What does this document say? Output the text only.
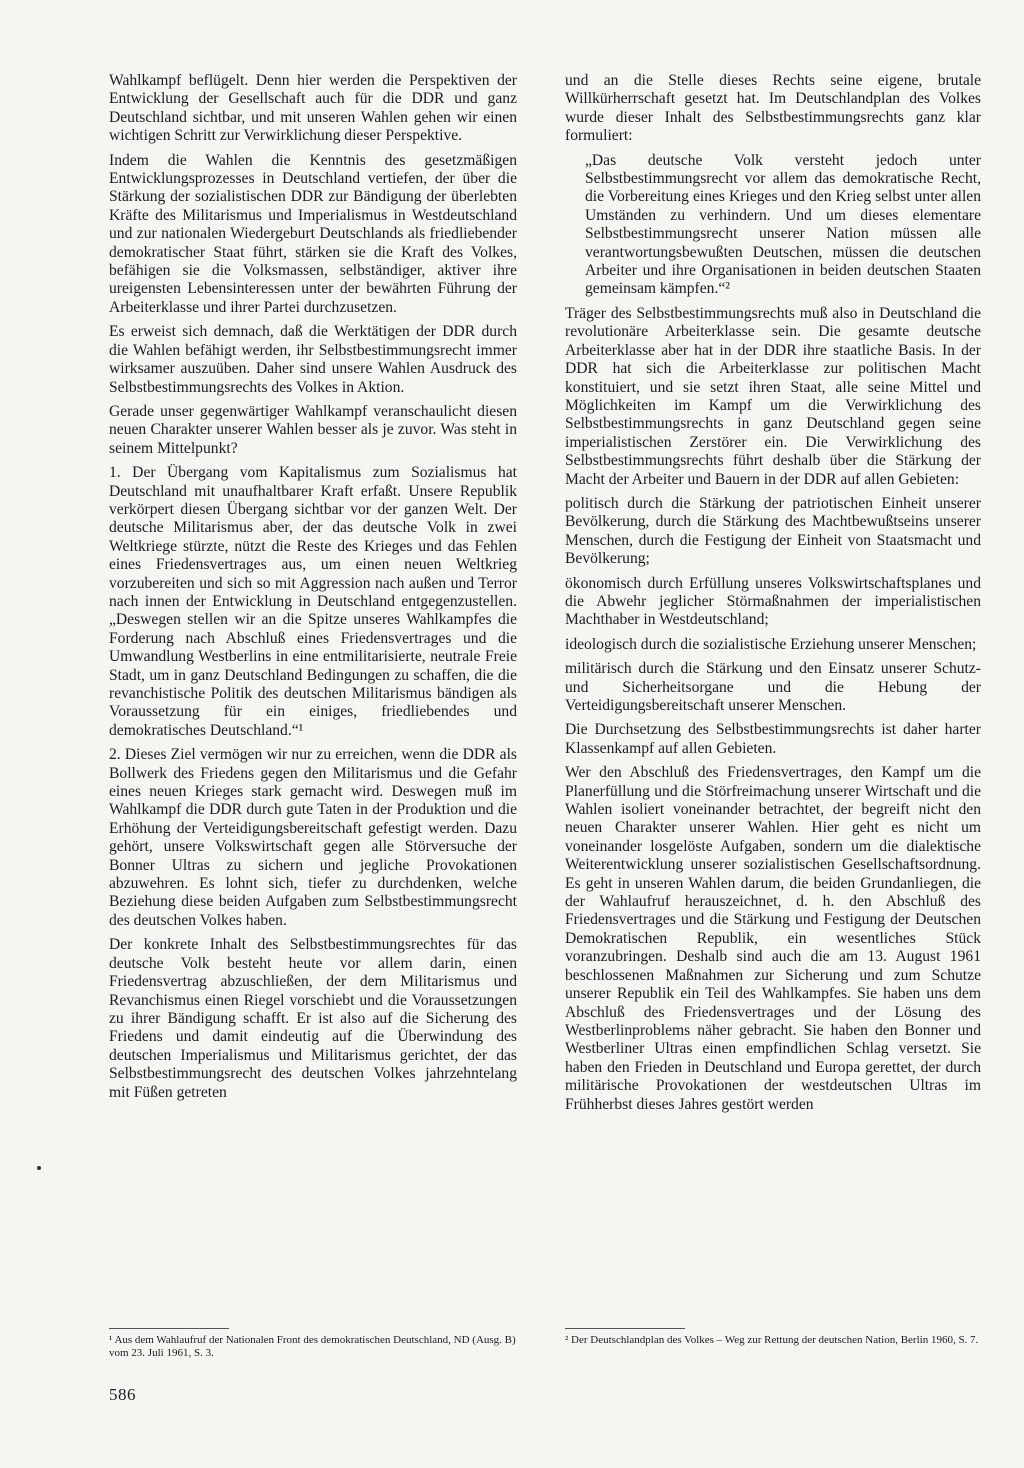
Wahlkampf beflügelt. Denn hier werden die Perspektiven der Entwicklung der Gesellschaft auch für die DDR und ganz Deutschland sichtbar, und mit unseren Wahlen gehen wir einen wichtigen Schritt zur Verwirklichung dieser Perspektive.

Indem die Wahlen die Kenntnis des gesetzmäßigen Entwicklungsprozesses in Deutschland vertiefen, der über die Stärkung der sozialistischen DDR zur Bändigung der überlebten Kräfte des Militarismus und Imperialismus in Westdeutschland und zur nationalen Wiedergeburt Deutschlands als friedliebender demokratischer Staat führt, stärken sie die Kraft des Volkes, befähigen sie die Volksmassen, selbständiger, aktiver ihre ureigensten Lebensinteressen unter der bewährten Führung der Arbeiterklasse und ihrer Partei durchzusetzen.

Es erweist sich demnach, daß die Werktätigen der DDR durch die Wahlen befähigt werden, ihr Selbstbestimmungsrecht immer wirksamer auszuüben. Daher sind unsere Wahlen Ausdruck des Selbstbestimmungsrechts des Volkes in Aktion.

Gerade unser gegenwärtiger Wahlkampf veranschaulicht diesen neuen Charakter unserer Wahlen besser als je zuvor. Was steht in seinem Mittelpunkt?

1. Der Übergang vom Kapitalismus zum Sozialismus hat Deutschland mit unaufhaltbarer Kraft erfaßt. Unsere Republik verkörpert diesen Übergang sichtbar vor der ganzen Welt. Der deutsche Militarismus aber, der das deutsche Volk in zwei Weltkriege stürzte, nützt die Reste des Krieges und das Fehlen eines Friedensvertrages aus, um einen neuen Weltkrieg vorzubereiten und sich so mit Aggression nach außen und Terror nach innen der Entwicklung in Deutschland entgegenzustellen. „Deswegen stellen wir an die Spitze unseres Wahlkampfes die Forderung nach Abschluß eines Friedensvertrages und die Umwandlung Westberlins in eine entmilitarisierte, neutrale Freie Stadt, um in ganz Deutschland Bedingungen zu schaffen, die die revanchistische Politik des deutschen Militarismus bändigen als Voraussetzung für ein einiges, friedliebendes und demokratisches Deutschland.“¹

2. Dieses Ziel vermögen wir nur zu erreichen, wenn die DDR als Bollwerk des Friedens gegen den Militarismus und die Gefahr eines neuen Krieges stark gemacht wird. Deswegen muß im Wahlkampf die DDR durch gute Taten in der Produktion und die Erhöhung der Verteidigungsbereitschaft gefestigt werden. Dazu gehört, unsere Volkswirtschaft gegen alle Störversuche der Bonner Ultras zu sichern und jegliche Provokationen abzuwehren. Es lohnt sich, tiefer zu durchdenken, welche Beziehung diese beiden Aufgaben zum Selbstbestimmungsrecht des deutschen Volkes haben.

Der konkrete Inhalt des Selbstbestimmungsrechtes für das deutsche Volk besteht heute vor allem darin, einen Friedensvertrag abzuschließen, der dem Militarismus und Revanchismus einen Riegel vorschiebt und die Voraussetzungen zu ihrer Bändigung schafft. Er ist also auf die Sicherung des Friedens und damit eindeutig auf die Überwindung des deutschen Imperialismus und Militarismus gerichtet, der das Selbstbestimmungsrecht des deutschen Volkes jahrzehntelang mit Füßen getreten

und an die Stelle dieses Rechts seine eigene, brutale Willkürherrschaft gesetzt hat. Im Deutschlandplan des Volkes wurde dieser Inhalt des Selbstbestimmungsrechts ganz klar formuliert:

„Das deutsche Volk versteht jedoch unter Selbstbestimmungsrecht vor allem das demokratische Recht, die Vorbereitung eines Krieges und den Krieg selbst unter allen Umständen zu verhindern. Und um dieses elementare Selbstbestimmungsrecht unserer Nation müssen alle verantwortungsbewußten Deutschen, müssen die deutschen Arbeiter und ihre Organisationen in beiden deutschen Staaten gemeinsam kämpfen.“²

Träger des Selbstbestimmungsrechts muß also in Deutschland die revolutionäre Arbeiterklasse sein. Die gesamte deutsche Arbeiterklasse aber hat in der DDR ihre staatliche Basis. In der DDR hat sich die Arbeiterklasse zur politischen Macht konstituiert, und sie setzt ihren Staat, alle seine Mittel und Möglichkeiten im Kampf um die Verwirklichung des Selbstbestimmungsrechts in ganz Deutschland gegen seine imperialistischen Zerstörer ein. Die Verwirklichung des Selbstbestimmungsrechts führt deshalb über die Stärkung der Macht der Arbeiter und Bauern in der DDR auf allen Gebieten:

politisch durch die Stärkung der patriotischen Einheit unserer Bevölkerung, durch die Stärkung des Machtbewußtseins unserer Menschen, durch die Festigung der Einheit von Staatsmacht und Bevölkerung;

ökonomisch durch Erfüllung unseres Volkswirtschaftsplanes und die Abwehr jeglicher Störmaßnahmen der imperialistischen Machthaber in Westdeutschland;

ideologisch durch die sozialistische Erziehung unserer Menschen;

militärisch durch die Stärkung und den Einsatz unserer Schutz- und Sicherheitsorgane und die Hebung der Verteidigungsbereitschaft unserer Menschen.

Die Durchsetzung des Selbstbestimmungsrechts ist daher harter Klassenkampf auf allen Gebieten.

Wer den Abschluß des Friedensvertrages, den Kampf um die Planerfüllung und die Störfreimachung unserer Wirtschaft und die Wahlen isoliert voneinander betrachtet, der begreift nicht den neuen Charakter unserer Wahlen. Hier geht es nicht um voneinander losgelöste Aufgaben, sondern um die dialektische Weiterentwicklung unserer sozialistischen Gesellschaftsordnung. Es geht in unseren Wahlen darum, die beiden Grundanliegen, die der Wahlaufruf herauszeichnet, d. h. den Abschluß des Friedensvertrages und die Stärkung und Festigung der Deutschen Demokratischen Republik, ein wesentliches Stück voranzubringen. Deshalb sind auch die am 13. August 1961 beschlossenen Maßnahmen zur Sicherung und zum Schutze unserer Republik ein Teil des Wahlkampfes. Sie haben uns dem Abschluß des Friedensvertrages und der Lösung des Westberlinproblems näher gebracht. Sie haben den Bonner und Westberliner Ultras einen empfindlichen Schlag versetzt. Sie haben den Frieden in Deutschland und Europa gerettet, der durch militärische Provokationen der westdeutschen Ultras im Frühherbst dieses Jahres gestört werden

¹ Aus dem Wahlaufruf der Nationalen Front des demokratischen Deutschland, ND (Ausg. B) vom 23. Juli 1961, S. 3.
² Der Deutschlandplan des Volkes – Weg zur Rettung der deutschen Nation, Berlin 1960, S. 7.
586
